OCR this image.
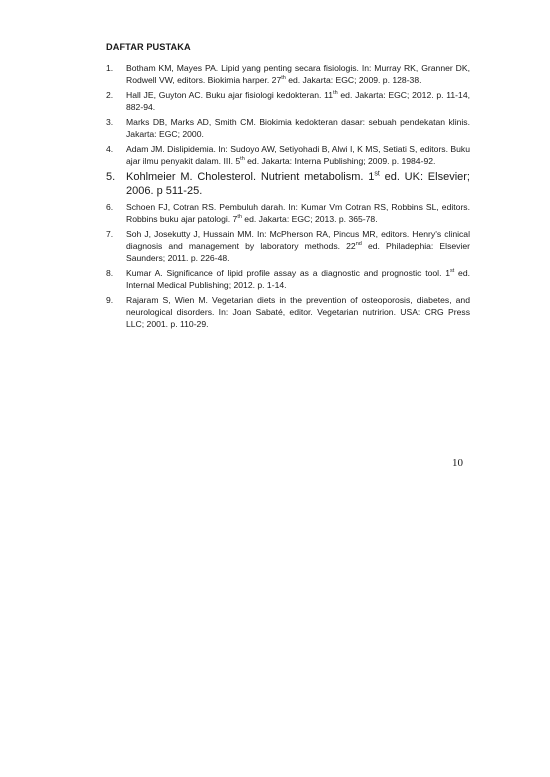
DAFTAR PUSTAKA
1.	Botham KM, Mayes PA. Lipid yang penting secara fisiologis. In: Murray RK, Granner DK, Rodwell VW, editors. Biokimia harper. 27th ed. Jakarta: EGC; 2009. p. 128-38.
2.	Hall JE, Guyton AC. Buku ajar fisiologi kedokteran. 11th ed. Jakarta: EGC; 2012. p. 11-14, 882-94.
3.	Marks DB, Marks AD, Smith CM. Biokimia kedokteran dasar: sebuah pendekatan klinis. Jakarta: EGC; 2000.
4.	Adam JM. Dislipidemia. In: Sudoyo AW, Setiyohadi B, Alwi I, K MS, Setiati S, editors. Buku ajar ilmu penyakit dalam. III. 5th ed. Jakarta: Interna Publishing; 2009. p. 1984-92.
5. Kohlmeier M. Cholesterol. Nutrient metabolism. 1st ed. UK: Elsevier; 2006. p 511-25.
6.	Schoen FJ, Cotran RS. Pembuluh darah. In: Kumar Vm Cotran RS, Robbins SL, editors. Robbins buku ajar patologi. 7th ed. Jakarta: EGC; 2013. p. 365-78.
7.	Soh J, Josekutty J, Hussain MM. In: McPherson RA, Pincus MR, editors. Henry's clinical diagnosis and management by laboratory methods. 22nd ed. Philadephia: Elsevier Saunders; 2011. p. 226-48.
8.	Kumar A. Significance of lipid profile assay as a diagnostic and prognostic tool. 1st ed. Internal Medical Publishing; 2012. p. 1-14.
9.	Rajaram S, Wien M. Vegetarian diets in the prevention of osteoporosis, diabetes, and neurological disorders. In: Joan Sabaté, editor. Vegetarian nutririon. USA: CRG Press LLC; 2001. p. 110-29.
10
